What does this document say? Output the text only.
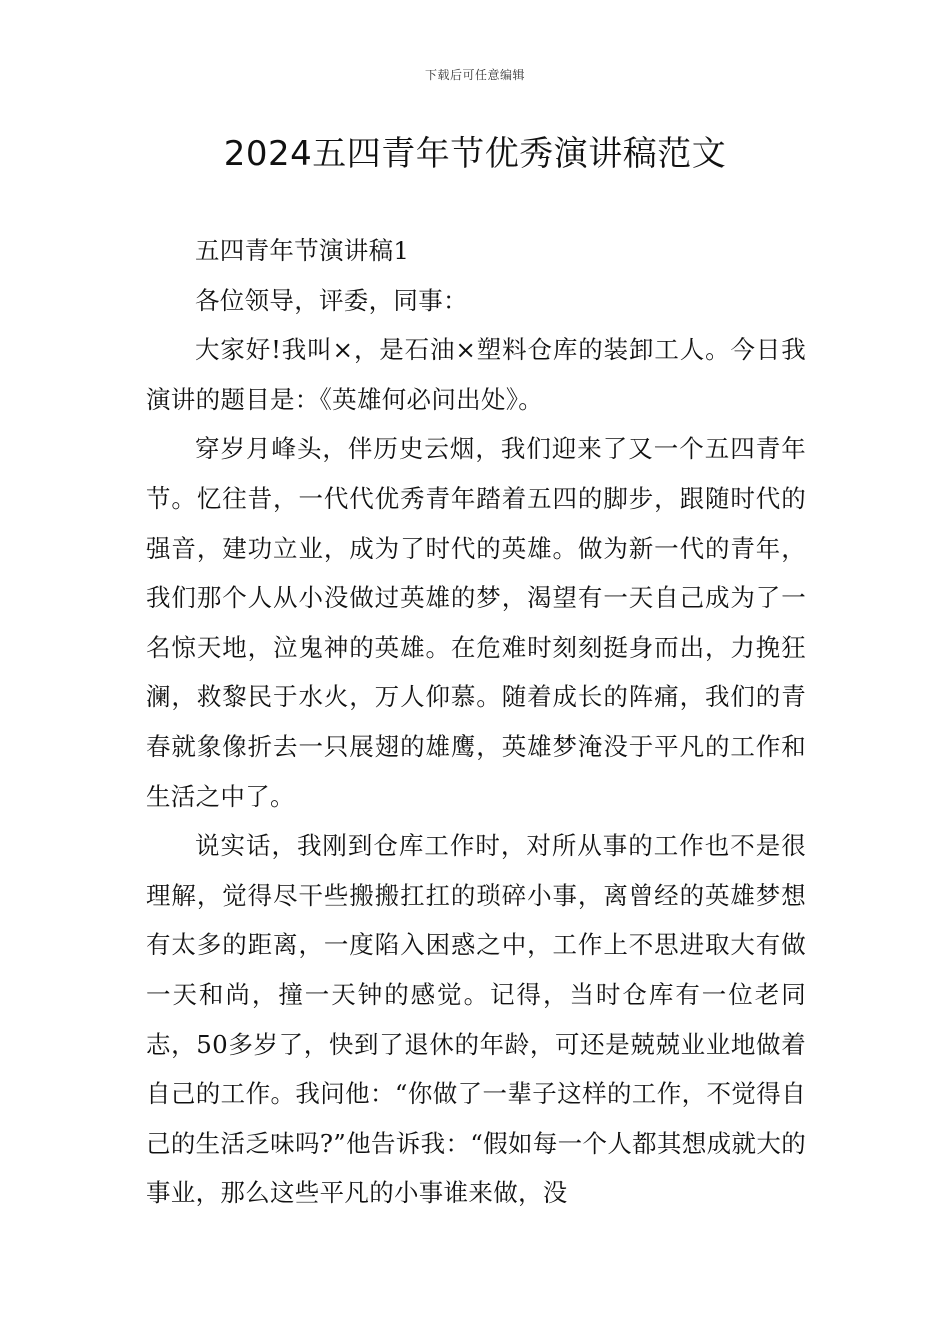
下载后可任意编辑
2024五四青年节优秀演讲稿范文

五四青年节演讲稿1

各位领导，评委，同事：

大家好!我叫×，是石油×塑料仓库的装卸工人。今日我演讲的题目是：《英雄何必问出处》。

穿岁月峰头，伴历史云烟，我们迎来了又一个五四青年节。忆往昔，一代代优秀青年踏着五四的脚步，跟随时代的强音，建功立业，成为了时代的英雄。做为新一代的青年，我们那个人从小没做过英雄的梦，渴望有一天自己成为了一名惊天地，泣鬼神的英雄。在危难时刻刻挺身而出，力挽狂澜，救黎民于水火，万人仰慕。随着成长的阵痛，我们的青春就象像折去一只展翅的雄鹰，英雄梦淹没于平凡的工作和生活之中了。

说实话，我刚到仓库工作时，对所从事的工作也不是很理解，觉得尽干些搬搬扛扛的琐碎小事，离曾经的英雄梦想有太多的距离，一度陷入困惑之中，工作上不思进取大有做一天和尚，撞一天钟的感觉。记得，当时仓库有一位老同志，50多岁了，快到了退休的年龄，可还是兢兢业业地做着自己的工作。我问他：“你做了一辈子这样的工作，不觉得自己的生活乏味吗?”他告诉我：“假如每一个人都其想成就大的事业，那么这些平凡的小事谁来做，没
